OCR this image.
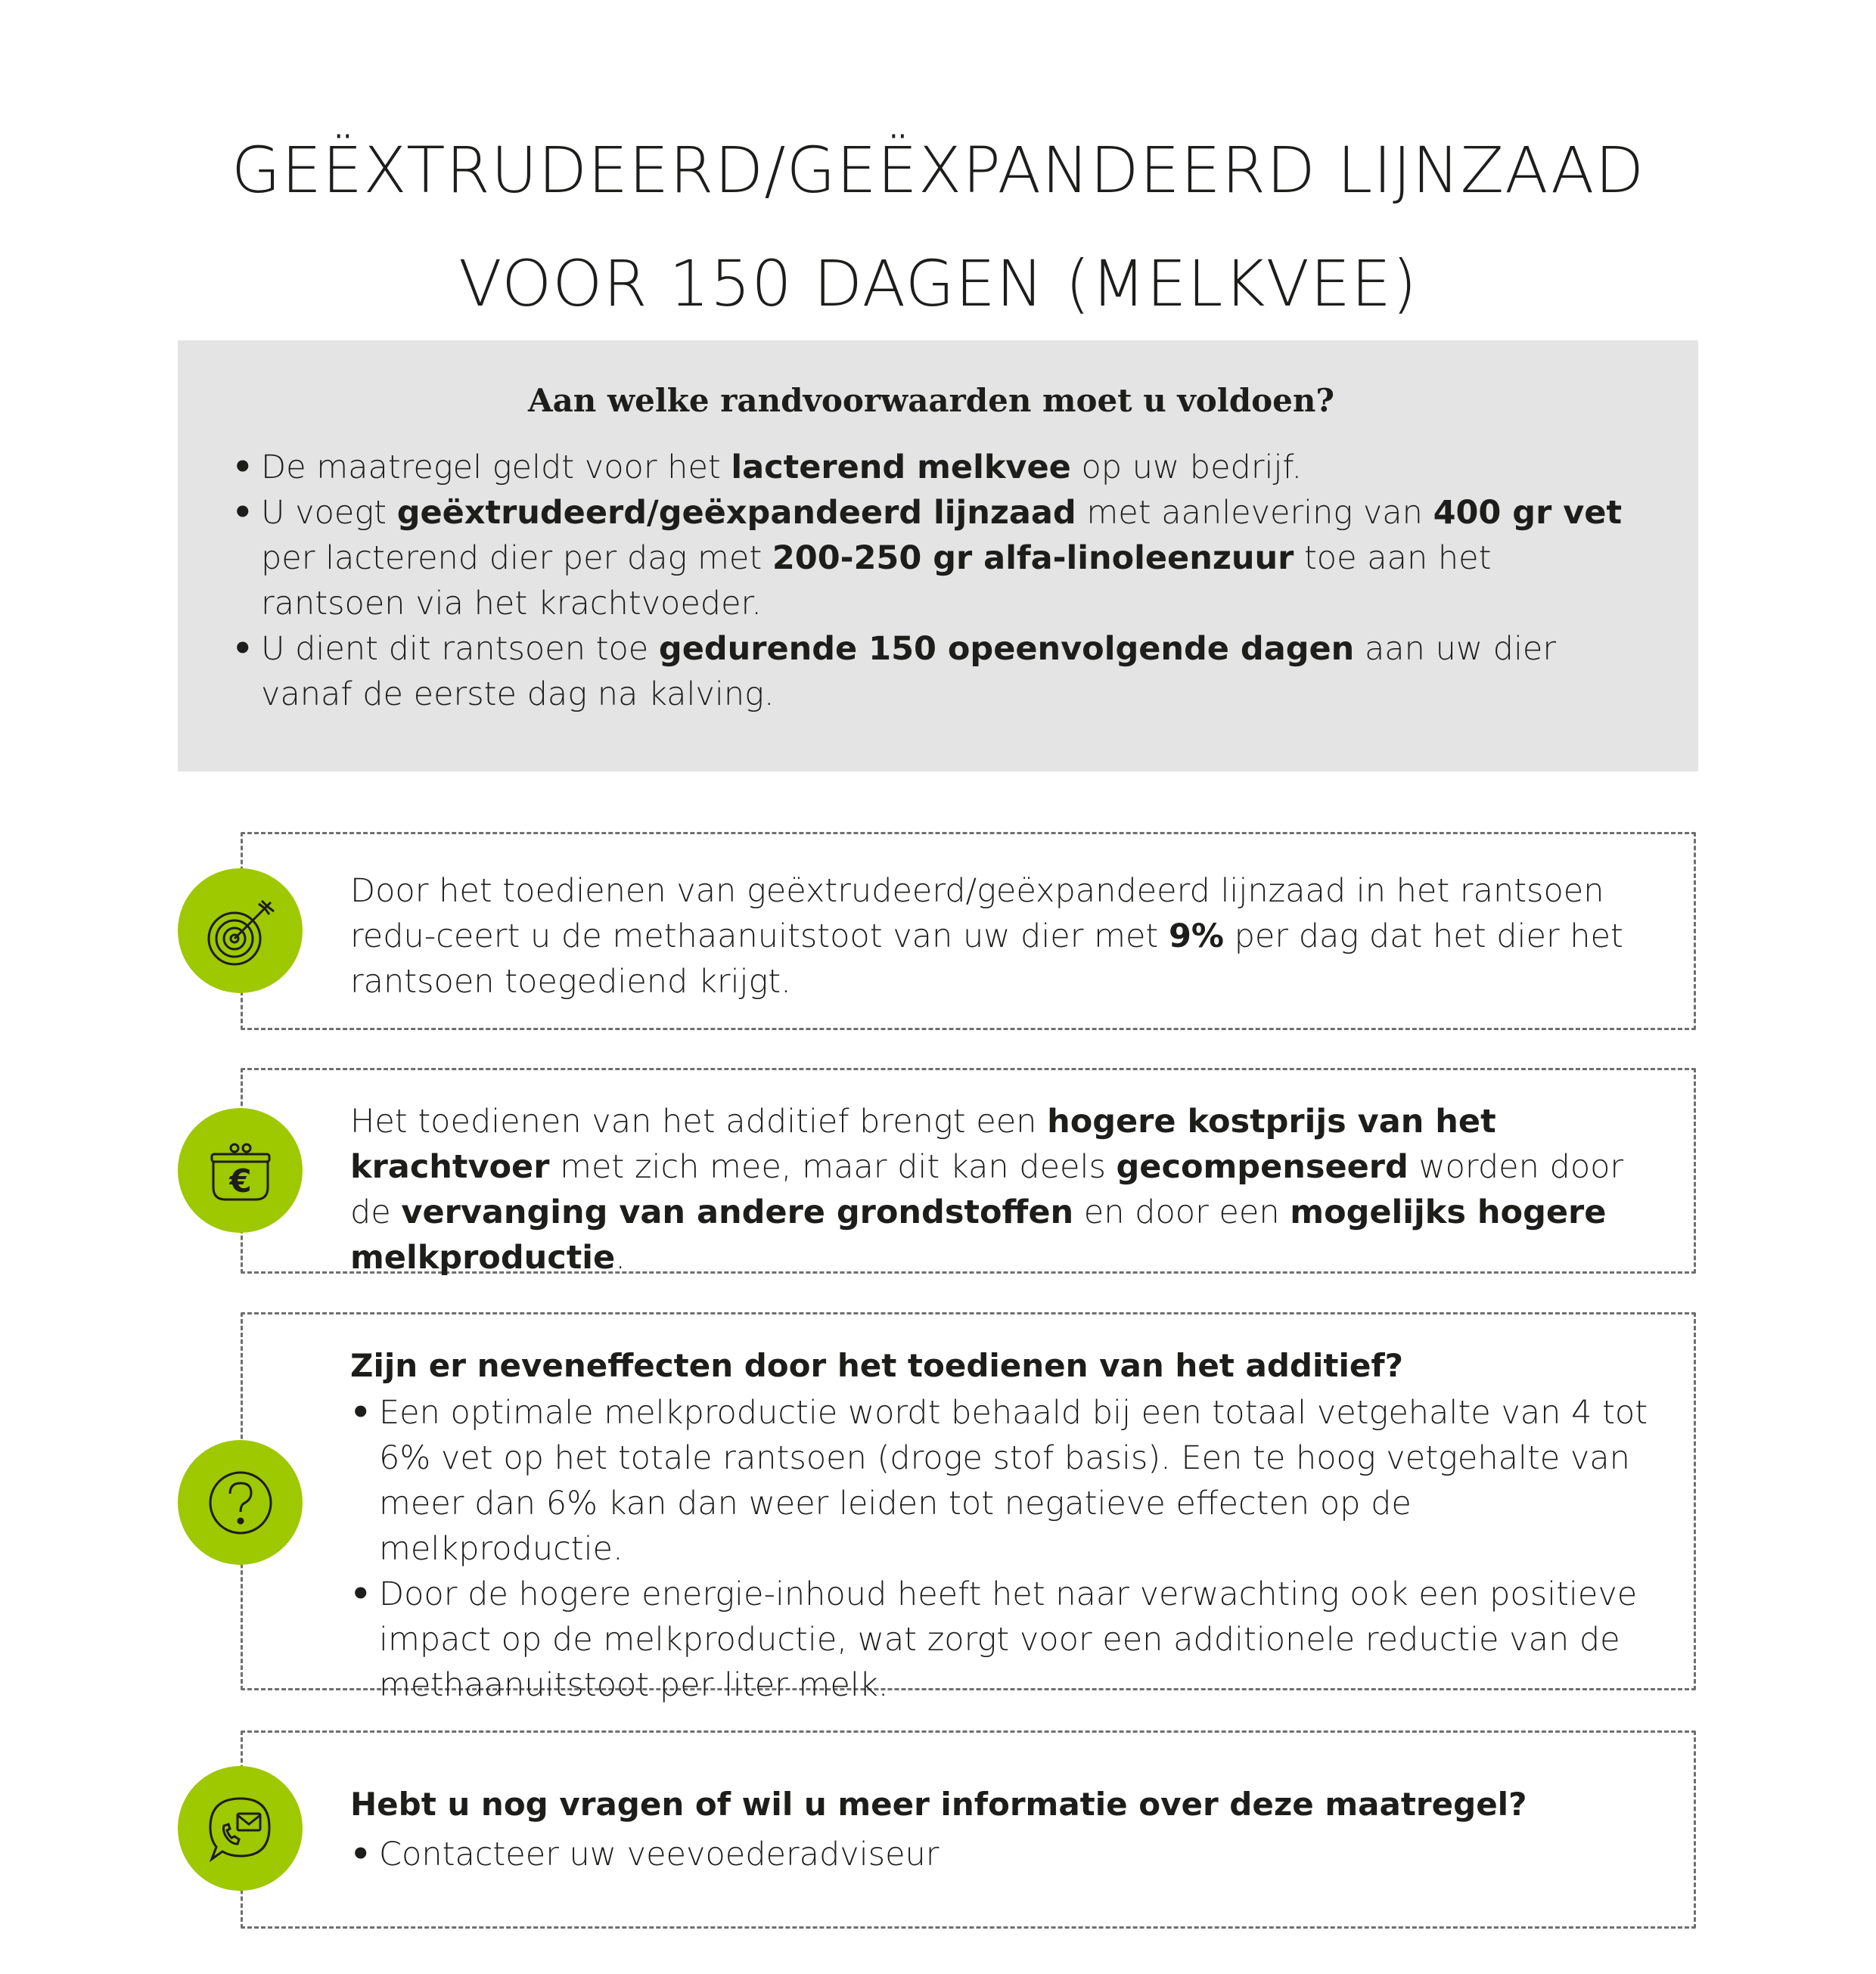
GEËXTRUDEERD/GEËXPANDEERD LIJNZAAD
VOOR 150 DAGEN (MELKVEE)
Aan welke randvoorwaarden moet u voldoen?
• De maatregel geldt voor het lacterend melkvee op uw bedrijf.
• U voegt geëxtrudeerd/geëxpandeerd lijnzaad met aanlevering van 400 gr vet per lacterend dier per dag met 200-250 gr alfa-linoleenzuur toe aan het rantsoen via het krachtvoeder.
• U dient dit rantsoen toe gedurende 150 opeenvolgende dagen aan uw dier vanaf de eerste dag na kalving.
Door het toedienen van geëxtrudeerd/geëxpandeerd lijnzaad in het rantsoen redu-ceert u de methaanuitstoot van uw dier met 9% per dag dat het dier het rantsoen toegediend krijgt.
Het toedienen van het additief brengt een hogere kostprijs van het krachtvoer met zich mee, maar dit kan deels gecompenseerd worden door de vervanging van andere grondstoffen en door een mogelijks hogere melkproductie.
€

Zijn er neveneffecten door het toedienen van het additief?

• Een optimale melkproductie wordt behaald bij een totaal vetgehalte van 4 tot 6% vet op het totale rantsoen (droge stof basis). Een te hoog vetgehalte van meer dan 6% kan dan weer leiden tot negatieve effecten op de melkproductie.
• Door de hogere energie-inhoud heeft het naar verwachting ook een positieve impact op de melkproductie, wat zorgt voor een additionele reductie van de methaanuitstoot per liter melk.

Hebt u nog vragen of wil u meer informatie over deze maatregel?

• Contacteer uw veevoederadviseur
